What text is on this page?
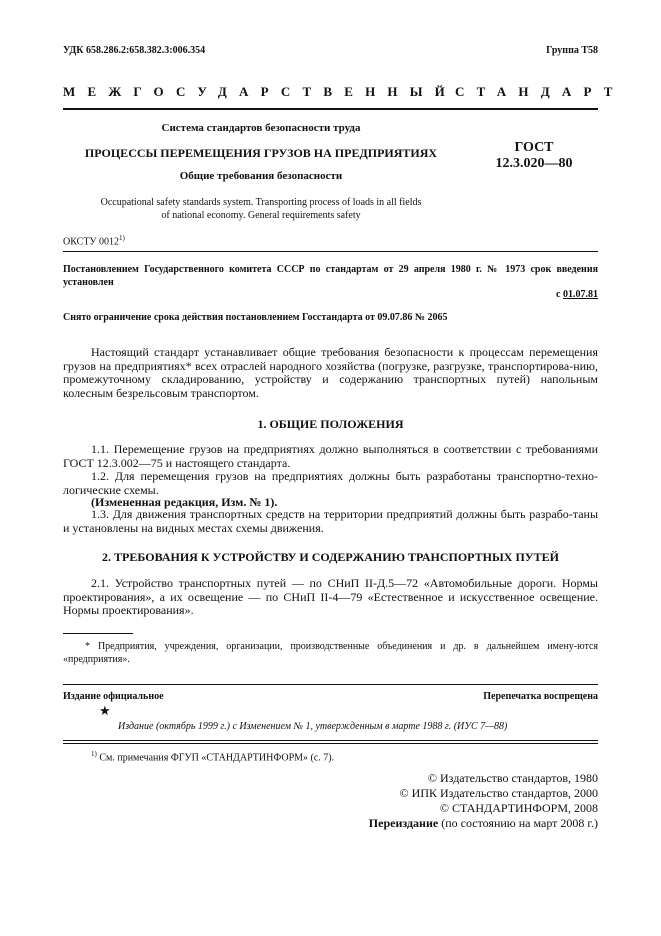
УДК 658.286.2:658.382.3:006.354	Группа Т58
МЕЖГОСУДАРСТВЕННЫЙ
СТАНДАРТ
Система стандартов безопасности труда
ПРОЦЕССЫ ПЕРЕМЕЩЕНИЯ ГРУЗОВ НА ПРЕДПРИЯТИЯХ
Общие требования безопасности
Occupational safety standards system. Transporting process of loads in all fields
of national economy. General requirements safety
ГОСТ
12.3.020—80
ОКСТУ 0012$^{1)}$
Постановлением Государственного комитета СССР по стандартам от 29 апреля 1980 г. № 1973 срок введения установлен
с 01.07.81
Снято ограничение срока действия постановлением Госстандарта от 09.07.86 № 2065
Настоящий стандарт устанавливает общие требования безопасности к процессам перемещения грузов на предприятиях* всех отраслей народного хозяйства (погрузке, разгрузке, транспортирова-нию, промежуточному складированию, устройству и содержанию транспортных путей) напольным колесным безрельсовым транспортом.
1. ОБЩИЕ ПОЛОЖЕНИЯ
1.1. Перемещение грузов на предприятиях должно выполняться в соответствии с требованиями ГОСТ 12.3.002—75 и настоящего стандарта.
1.2. Для перемещения грузов на предприятиях должны быть разработаны транспортно-техно-логические схемы.
(Измененная редакция, Изм. № 1).
1.3. Для движения транспортных средств на территории предприятий должны быть разрабо-таны и установлены на видных местах схемы движения.
2. ТРЕБОВАНИЯ К УСТРОЙСТВУ И СОДЕРЖАНИЮ ТРАНСПОРТНЫХ ПУТЕЙ
2.1. Устройство транспортных путей — по СНиП II-Д.5—72 «Автомобильные дороги. Нормы проектирования», а их освещение — по СНиП II-4—79 «Естественное и искусственное освещение. Нормы проектирования».
* Предприятия, учреждения, организации, производственные объединения и др. в дальнейшем имену-ются «предприятия».
Издание официальное	Перепечатка воспрещена
★
Издание (октябрь 1999 г.) с Изменением № 1, утвержденным в марте 1988 г. (ИУС 7—88)
$^{1)}$ См. примечания ФГУП «СТАНДАРТИНФОРМ» (с. 7).
© Издательство стандартов, 1980
© ИПК Издательство стандартов, 2000
© СТАНДАРТИНФОРМ, 2008
Переиздание (по состоянию на март 2008 г.)
